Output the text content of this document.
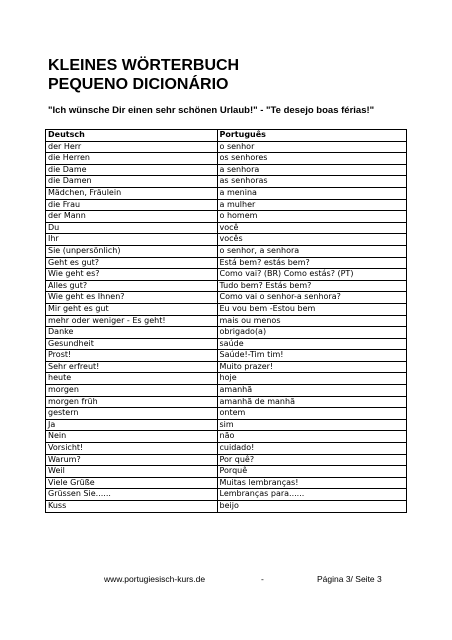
KLEINES WÖRTERBUCH
PEQUENO DICIONÁRIO
"Ich wünsche Dir einen sehr schönen Urlaub!" - "Te desejo boas férias!"
Deutsch	Português
der Herr	o senhor
die Herren	os senhores
die Dame	a senhora
die Damen	as senhoras
Mädchen, Fräulein	a menina
die Frau	a mulher
der Mann	o homem
Du	você
Ihr	vocês
Sie (unpersönlich)	o senhor, a senhora
Geht es gut?	Está bem? estás bem?
Wie geht es?	Como vai? (BR) Como estás? (PT)
Alles gut?	Tudo bem? Estás bem?
Wie geht es Ihnen?	Como vai o senhor-a senhora?
Mir geht es gut	Eu vou bem -Estou bem
mehr oder weniger - Es geht!	mais ou menos
Danke	obrigado(a)
Gesundheit	saúde
Prost!	Saúde!-Tim tim!
Sehr erfreut!	Muito prazer!
heute	hoje
morgen	amanhã
morgen früh	amanhã de manhã
gestern	ontem
Ja	sim
Nein	não
Vorsicht!	cuidado!
Warum?	Por quê?
Weil	Porquê
Viele Grüße	Muitas lembranças!
Grüssen Sie......	Lembranças para......
Kuss	beijo
www.portugiesisch-kurs.de	-	Página 3/ Seite 3
